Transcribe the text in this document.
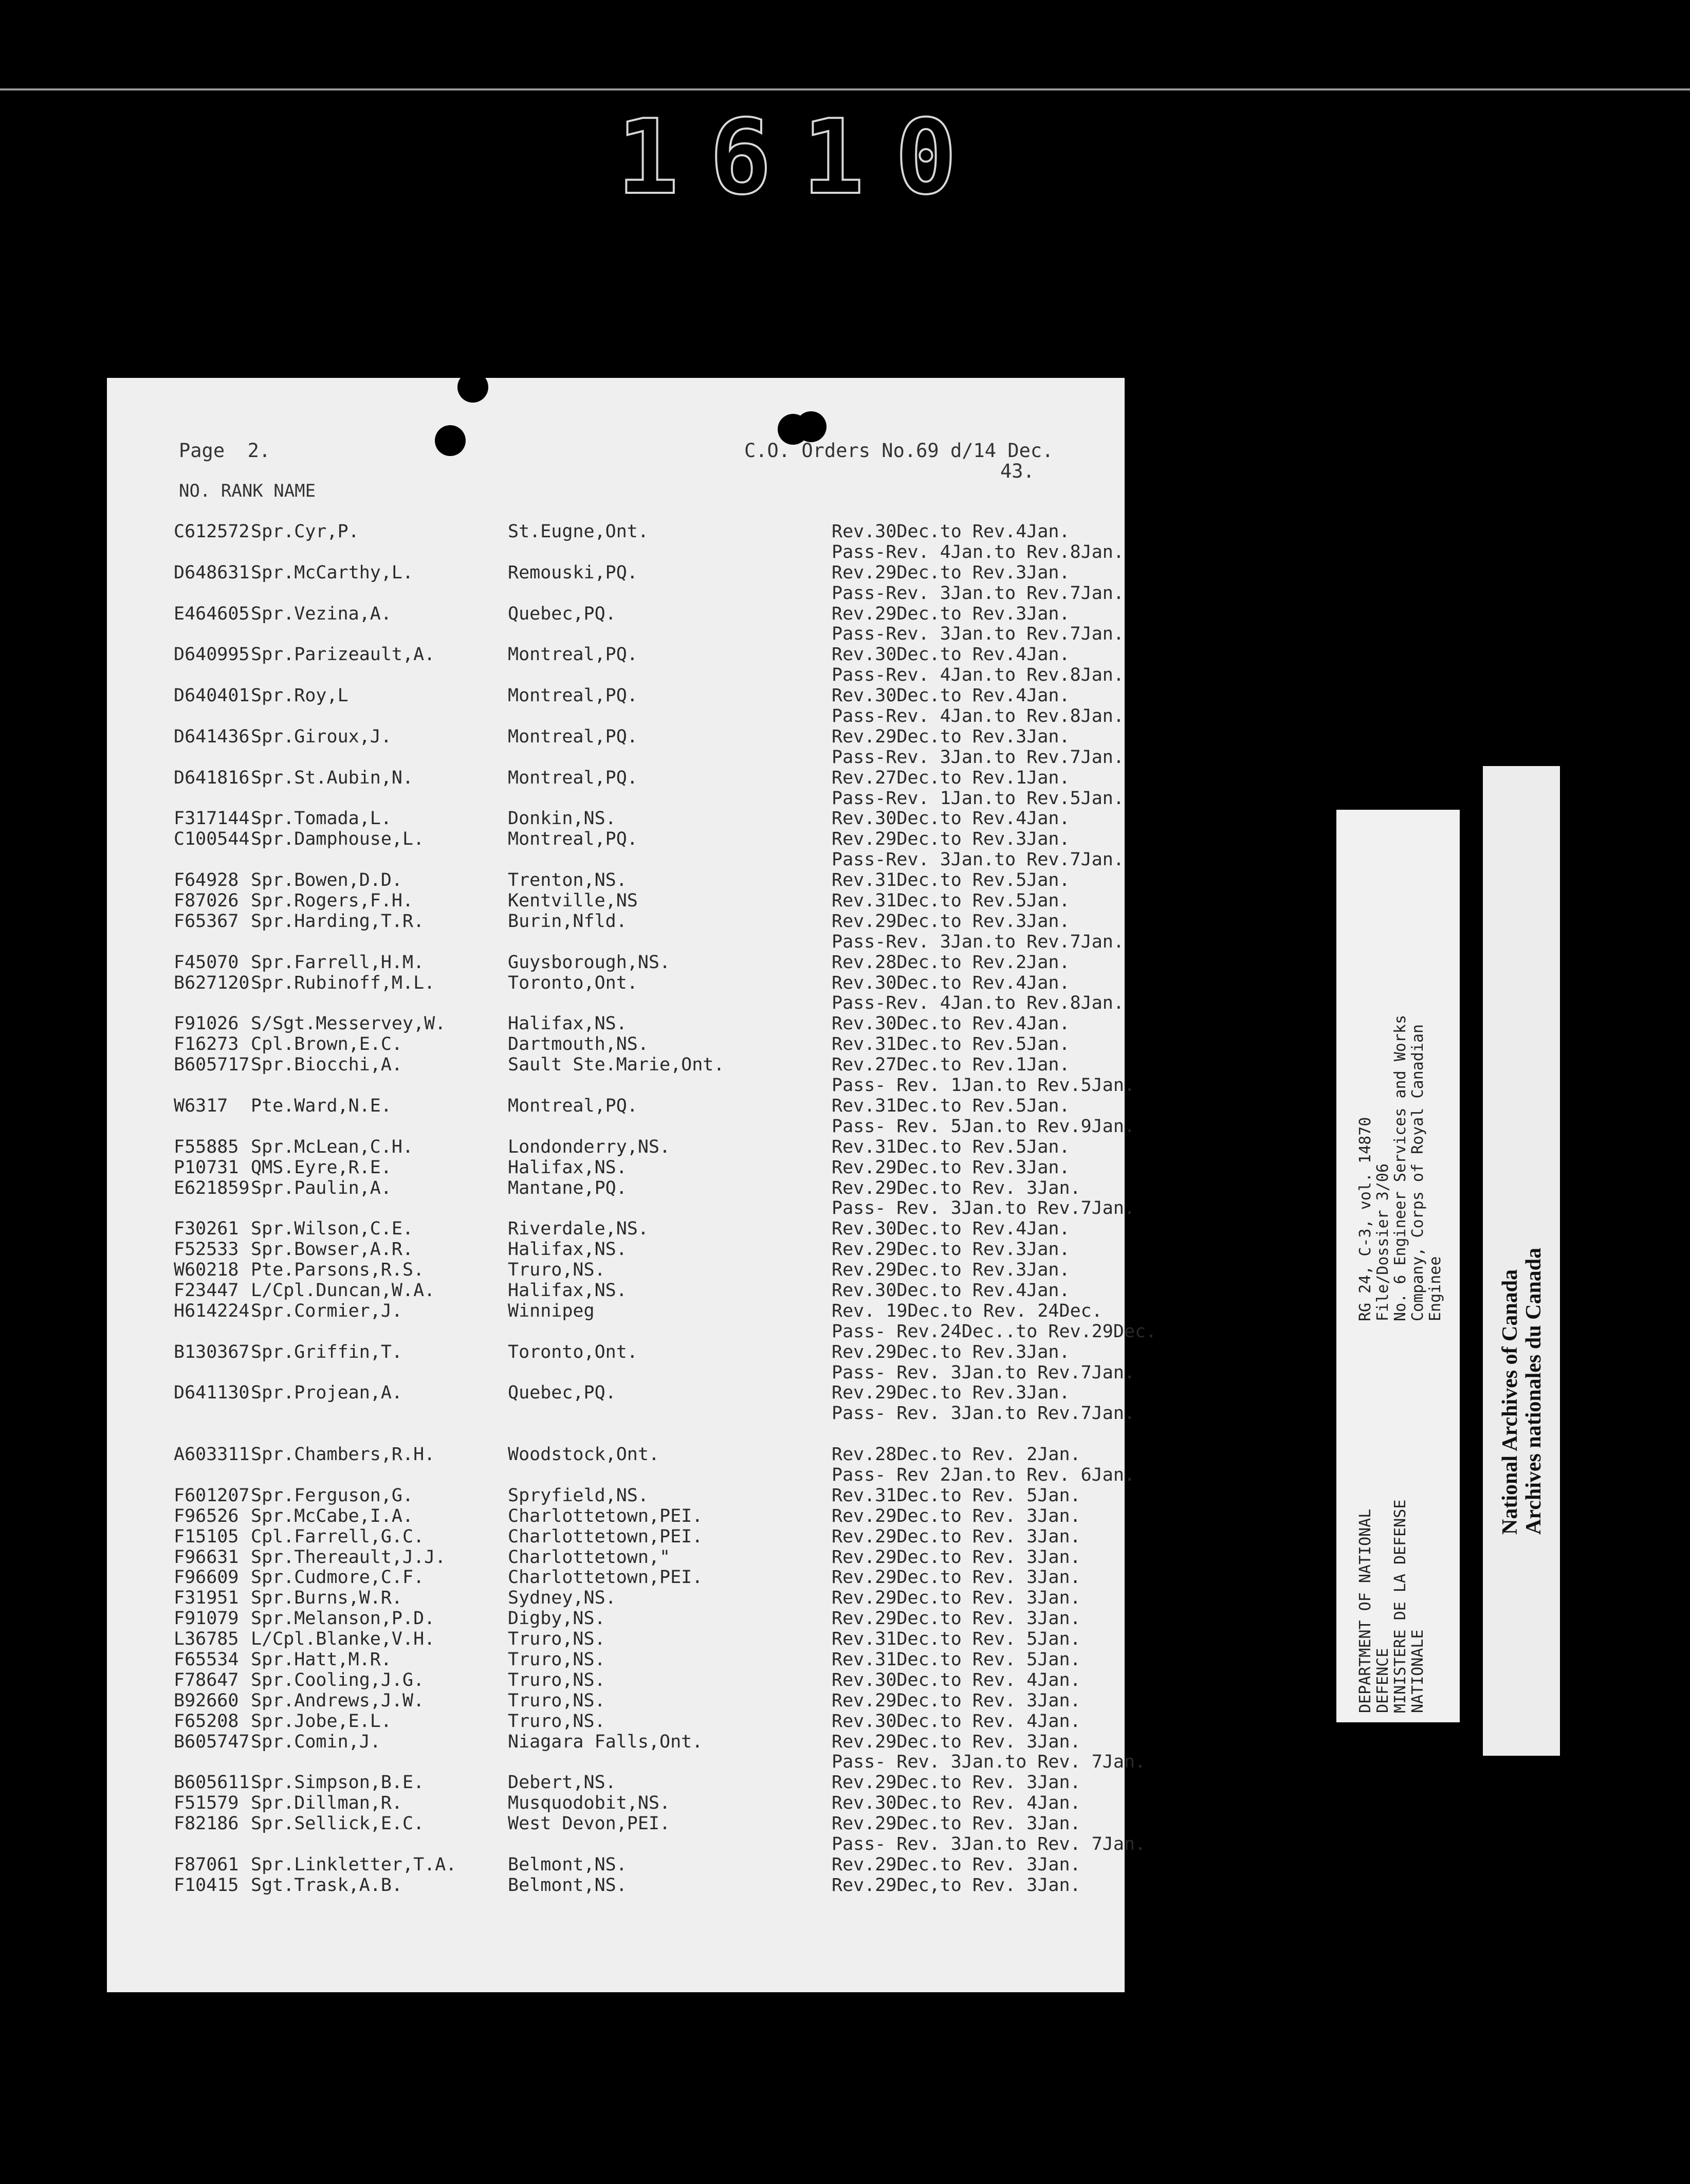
1610
Page  2.	C.O. Orders No.69 d/14 Dec.
43.
NO. RANK NAME
C612572Spr.Cyr,P.	St.Eugne,Ont.	Rev.30Dec.to Rev.4Jan.
Pass-Rev. 4Jan.to Rev.8Jan.
D648631Spr.McCarthy,L.	Remouski,PQ.	Rev.29Dec.to Rev.3Jan.
Pass-Rev. 3Jan.to Rev.7Jan.
E464605Spr.Vezina,A.	Quebec,PQ.	Rev.29Dec.to Rev.3Jan.
Pass-Rev. 3Jan.to Rev.7Jan.
D640995Spr.Parizeault,A.	Montreal,PQ.	Rev.30Dec.to Rev.4Jan.
Pass-Rev. 4Jan.to Rev.8Jan.
D640401Spr.Roy,L	Montreal,PQ.	Rev.30Dec.to Rev.4Jan.
Pass-Rev. 4Jan.to Rev.8Jan.
D641436Spr.Giroux,J.	Montreal,PQ.	Rev.29Dec.to Rev.3Jan.
Pass-Rev. 3Jan.to Rev.7Jan.
D641816Spr.St.Aubin,N.	Montreal,PQ.	Rev.27Dec.to Rev.1Jan.
Pass-Rev. 1Jan.to Rev.5Jan.
F317144Spr.Tomada,L.	Donkin,NS.	Rev.30Dec.to Rev.4Jan.
C100544Spr.Damphouse,L.	Montreal,PQ.	Rev.29Dec.to Rev.3Jan.
Pass-Rev. 3Jan.to Rev.7Jan.
F64928 Spr.Bowen,D.D.	Trenton,NS.	Rev.31Dec.to Rev.5Jan.
F87026 Spr.Rogers,F.H.	Kentville,NS	Rev.31Dec.to Rev.5Jan.
F65367 Spr.Harding,T.R.	Burin,Nfld.	Rev.29Dec.to Rev.3Jan.
Pass-Rev. 3Jan.to Rev.7Jan.
F45070 Spr.Farrell,H.M.	Guysborough,NS.	Rev.28Dec.to Rev.2Jan.
B627120Spr.Rubinoff,M.L.	Toronto,Ont.	Rev.30Dec.to Rev.4Jan.
Pass-Rev. 4Jan.to Rev.8Jan.
F91026 S/Sgt.Messervey,W.	Halifax,NS.	Rev.30Dec.to Rev.4Jan.
F16273 Cpl.Brown,E.C.	Dartmouth,NS.	Rev.31Dec.to Rev.5Jan.
B605717Spr.Biocchi,A.	Sault Ste.Marie,Ont.	Rev.27Dec.to Rev.1Jan.
Pass- Rev. 1Jan.to Rev.5Jan.
W6317 Pte.Ward,N.E.	Montreal,PQ.	Rev.31Dec.to Rev.5Jan.
Pass- Rev. 5Jan.to Rev.9Jan.
F55885 Spr.McLean,C.H.	Londonderry,NS.	Rev.31Dec.to Rev.5Jan.
P10731 QMS.Eyre,R.E.	Halifax,NS.	Rev.29Dec.to Rev.3Jan.
E621859Spr.Paulin,A.	Mantane,PQ.	Rev.29Dec.to Rev. 3Jan.
Pass- Rev. 3Jan.to Rev.7Jan.
F30261 Spr.Wilson,C.E.	Riverdale,NS.	Rev.30Dec.to Rev.4Jan.
F52533 Spr.Bowser,A.R.	Halifax,NS.	Rev.29Dec.to Rev.3Jan.
W60218 Pte.Parsons,R.S.	Truro,NS.	Rev.29Dec.to Rev.3Jan.
F23447 L/Cpl.Duncan,W.A.	Halifax,NS.	Rev.30Dec.to Rev.4Jan.
H614224Spr.Cormier,J.	Winnipeg	Rev. 19Dec.to Rev. 24Dec.
Pass- Rev.24Dec..to Rev.29Dec.
B130367Spr.Griffin,T.	Toronto,Ont.	Rev.29Dec.to Rev.3Jan.
Pass- Rev. 3Jan.to Rev.7Jan.
D641130Spr.Projean,A.	Quebec,PQ.	Rev.29Dec.to Rev.3Jan.
Pass- Rev. 3Jan.to Rev.7Jan.
A603311Spr.Chambers,R.H.	Woodstock,Ont.	Rev.28Dec.to Rev. 2Jan.
Pass- Rev 2Jan.to Rev. 6Jan.
F601207Spr.Ferguson,G.	Spryfield,NS.	Rev.31Dec.to Rev. 5Jan.
F96526 Spr.McCabe,I.A.	Charlottetown,PEI.	Rev.29Dec.to Rev. 3Jan.
F15105 Cpl.Farrell,G.C.	Charlottetown,PEI.	Rev.29Dec.to Rev. 3Jan.
F96631 Spr.Thereault,J.J.	Charlottetown,"	Rev.29Dec.to Rev. 3Jan.
F96609 Spr.Cudmore,C.F.	Charlottetown,PEI.	Rev.29Dec.to Rev. 3Jan.
F31951 Spr.Burns,W.R.	Sydney,NS.	Rev.29Dec.to Rev. 3Jan.
F91079 Spr.Melanson,P.D.	Digby,NS.	Rev.29Dec.to Rev. 3Jan.
L36785 L/Cpl.Blanke,V.H.	Truro,NS.	Rev.31Dec.to Rev. 5Jan.
F65534 Spr.Hatt,M.R.	Truro,NS.	Rev.31Dec.to Rev. 5Jan.
F78647 Spr.Cooling,J.G.	Truro,NS.	Rev.30Dec.to Rev. 4Jan.
B92660 Spr.Andrews,J.W.	Truro,NS.	Rev.29Dec.to Rev. 3Jan.
F65208 Spr.Jobe,E.L.	Truro,NS.	Rev.30Dec.to Rev. 4Jan.
B605747Spr.Comin,J.	Niagara Falls,Ont.	Rev.29Dec.to Rev. 3Jan.
Pass- Rev. 3Jan.to Rev. 7Jan.
B605611Spr.Simpson,B.E.	Debert,NS.	Rev.29Dec.to Rev. 3Jan.
F51579 Spr.Dillman,R.	Musquodobit,NS.	Rev.30Dec.to Rev. 4Jan.
F82186 Spr.Sellick,E.C.	West Devon,PEI.	Rev.29Dec.to Rev. 3Jan.
Pass- Rev. 3Jan.to Rev. 7Jan.
F87061 Spr.Linkletter,T.A.	Belmont,NS.	Rev.29Dec.to Rev. 3Jan.
F10415 Sgt.Trask,A.B.	Belmont,NS.	Rev.29Dec,to Rev. 3Jan.
DEPARTMENT OF NATIONAL DEFENCE MINISTERE DE LA DEFENSE NATIONALE
RG 24, C-3, vol. 14870 File/Dossier 3/06 No. 6 Engineer Services and Works Company, Corps of Royal Canadian Enginee	National Archives of Canada Archives nationales du Canada
